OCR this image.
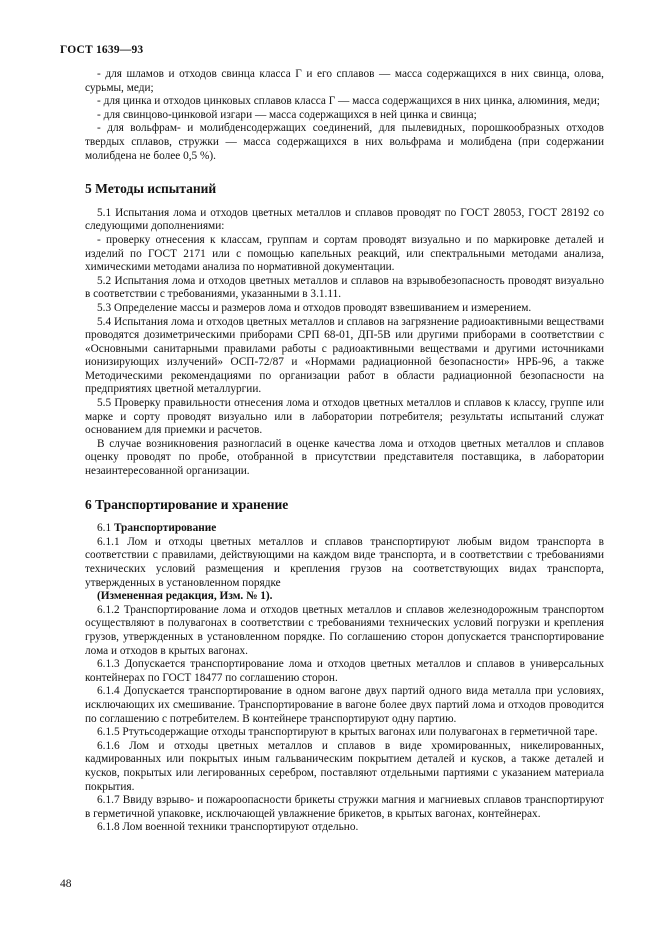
ГОСТ 1639—93

- для шламов и отходов свинца класса Г и его сплавов — масса содержащихся в них свинца, олова, сурьмы, меди;

- для цинка и отходов цинковых сплавов класса Г — масса содержащихся в них цинка, алюминия, меди;

- для свинцово-цинковой изгари — масса содержащихся в ней цинка и свинца;

- для вольфрам- и молибденсодержащих соединений, для пылевидных, порошкообразных отходов твердых сплавов, стружки — масса содержащихся в них вольфрама и молибдена (при содержании молибдена не более 0,5 %).

5 Методы испытаний

5.1 Испытания лома и отходов цветных металлов и сплавов проводят по ГОСТ 28053, ГОСТ 28192 со следующими дополнениями:

- проверку отнесения к классам, группам и сортам проводят визуально и по маркировке деталей и изделий по ГОСТ 2171 или с помощью капельных реакций, или спектральными методами анализа, химическими методами анализа по нормативной документации.

5.2 Испытания лома и отходов цветных металлов и сплавов на взрывобезопасность проводят визуально в соответствии с требованиями, указанными в 3.1.11.

5.3 Определение массы и размеров лома и отходов проводят взвешиванием и измерением.

5.4 Испытания лома и отходов цветных металлов и сплавов на загрязнение радиоактивными веществами проводятся дозиметрическими приборами СРП 68-01, ДП-5В или другими приборами в соответствии с «Основными санитарными правилами работы с радиоактивными веществами и другими источниками ионизирующих излучений» ОСП-72/87 и «Нормами радиационной безопасности» НРБ-96, а также Методическими рекомендациями по организации работ в области радиационной безопасности на предприятиях цветной металлургии.

5.5 Проверку правильности отнесения лома и отходов цветных металлов и сплавов к классу, группе или марке и сорту проводят визуально или в лаборатории потребителя; результаты испытаний служат основанием для приемки и расчетов.

В случае возникновения разногласий в оценке качества лома и отходов цветных металлов и сплавов оценку проводят по пробе, отобранной в присутствии представителя поставщика, в лаборатории незаинтересованной организации.

6 Транспортирование и хранение

6.1 Транспортирование

6.1.1 Лом и отходы цветных металлов и сплавов транспортируют любым видом транспорта в соответствии с правилами, действующими на каждом виде транспорта, и в соответствии с требованиями технических условий размещения и крепления грузов на соответствующих видах транспорта, утвержденных в установленном порядке

(Измененная редакция, Изм. № 1).

6.1.2 Транспортирование лома и отходов цветных металлов и сплавов железнодорожным транспортом осуществляют в полувагонах в соответствии с требованиями технических условий погрузки и крепления грузов, утвержденных в установленном порядке. По соглашению сторон допускается транспортирование лома и отходов в крытых вагонах.

6.1.3 Допускается транспортирование лома и отходов цветных металлов и сплавов в универсальных контейнерах по ГОСТ 18477 по соглашению сторон.

6.1.4 Допускается транспортирование в одном вагоне двух партий одного вида металла при условиях, исключающих их смешивание. Транспортирование в вагоне более двух партий лома и отходов проводится по соглашению с потребителем. В контейнере транспортируют одну партию.

6.1.5 Ртутьсодержащие отходы транспортируют в крытых вагонах или полувагонах в герметичной таре.

6.1.6 Лом и отходы цветных металлов и сплавов в виде хромированных, никелированных, кадмированных или покрытых иным гальваническим покрытием деталей и кусков, а также деталей и кусков, покрытых или легированных серебром, поставляют отдельными партиями с указанием материала покрытия.

6.1.7 Ввиду взрыво- и пожароопасности брикеты стружки магния и магниевых сплавов транспортируют в герметичной упаковке, исключающей увлажнение брикетов, в крытых вагонах, контейнерах.

6.1.8 Лом военной техники транспортируют отдельно.

48
